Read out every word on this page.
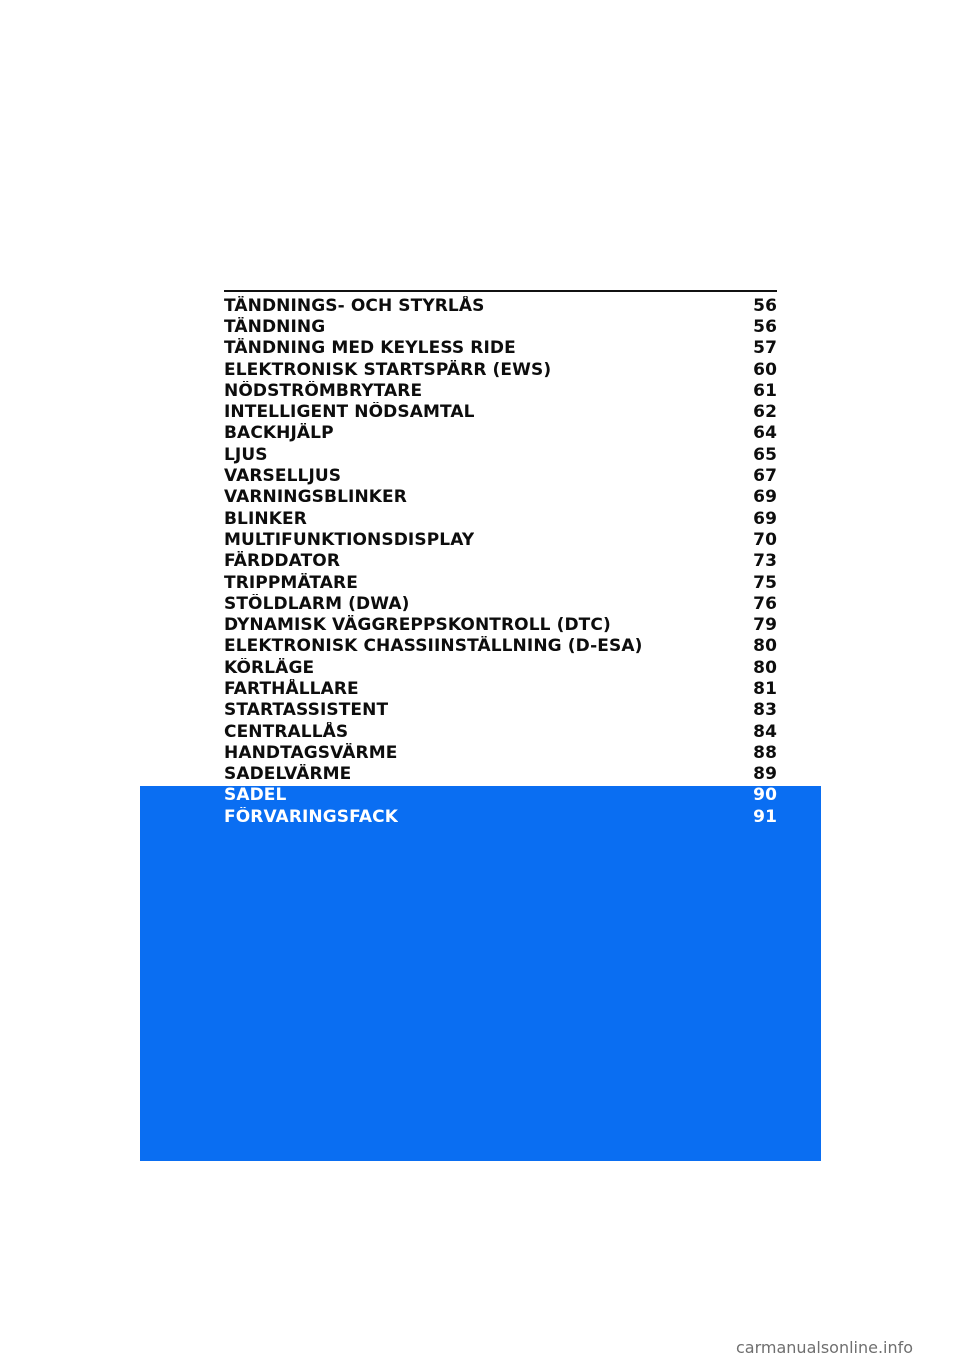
TÄNDNINGS- OCH STYRLÅS	56
TÄNDNING	56
TÄNDNING MED KEYLESS RIDE	57
ELEKTRONISK STARTSPÄRR (EWS)	60
NÖDSTRÖMBRYTARE	61
INTELLIGENT NÖDSAMTAL	62
BACKHJÄLP	64
LJUS	65
VARSELLJUS	67
VARNINGSBLINKER	69
BLINKER	69
MULTIFUNKTIONSDISPLAY	70
FÄRDDATOR	73
TRIPPMÄTARE	75
STÖLDLARM (DWA)	76
DYNAMISK VÄGGREPPSKONTROLL (DTC)	79
ELEKTRONISK CHASSIINSTÄLLNING (D-ESA)	80
KÖRLÄGE	80
FARTHÅLLARE	81
STARTASSISTENT	83
CENTRALLÅS	84
HANDTAGSVÄRME	88
SADELVÄRME	89
SADEL	90
FÖRVARINGSFACK	91
carmanualsonline.info
